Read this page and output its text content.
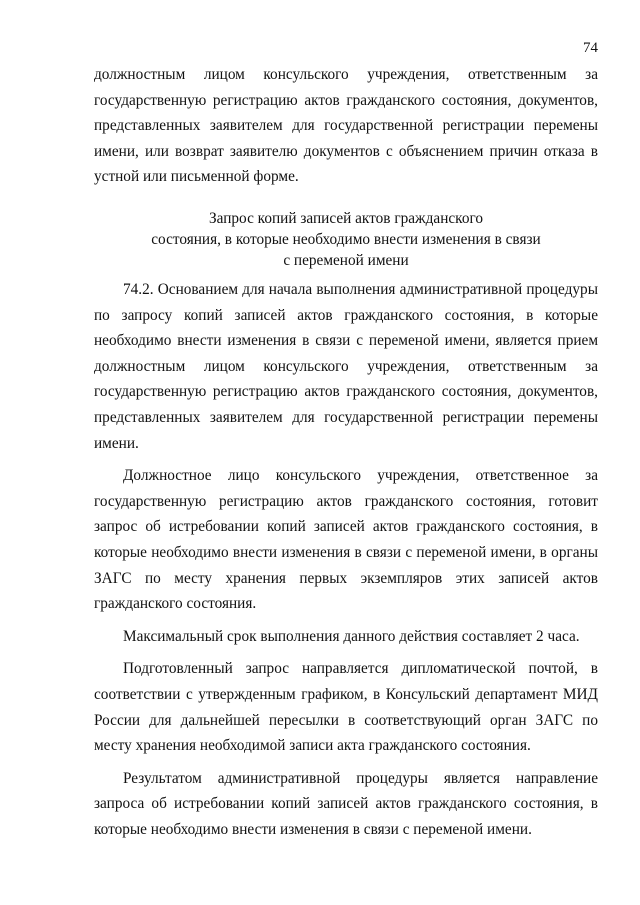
74

должностным лицом консульского учреждения, ответственным за государственную регистрацию актов гражданского состояния, документов, представленных заявителем для государственной регистрации перемены имени, или возврат заявителю документов с объяснением причин отказа в устной или письменной форме.

Запрос копий записей актов гражданского
состояния, в которые необходимо внести изменения в связи
с переменой имени

74.2. Основанием для начала выполнения административной процедуры по запросу копий записей актов гражданского состояния, в которые необходимо внести изменения в связи с переменой имени, является прием должностным лицом консульского учреждения, ответственным за государственную регистрацию актов гражданского состояния, документов, представленных заявителем для государственной регистрации перемены имени.

Должностное лицо консульского учреждения, ответственное за государственную регистрацию актов гражданского состояния, готовит запрос об истребовании копий записей актов гражданского состояния, в которые необходимо внести изменения в связи с переменой имени, в органы ЗАГС по месту хранения первых экземпляров этих записей актов гражданского состояния.

Максимальный срок выполнения данного действия составляет 2 часа.

Подготовленный запрос направляется дипломатической почтой, в соответствии с утвержденным графиком, в Консульский департамент МИД России для дальнейшей пересылки в соответствующий орган ЗАГС по месту хранения необходимой записи акта гражданского состояния.

Результатом административной процедуры является направление запроса об истребовании копий записей актов гражданского состояния, в которые необходимо внести изменения в связи с переменой имени.
